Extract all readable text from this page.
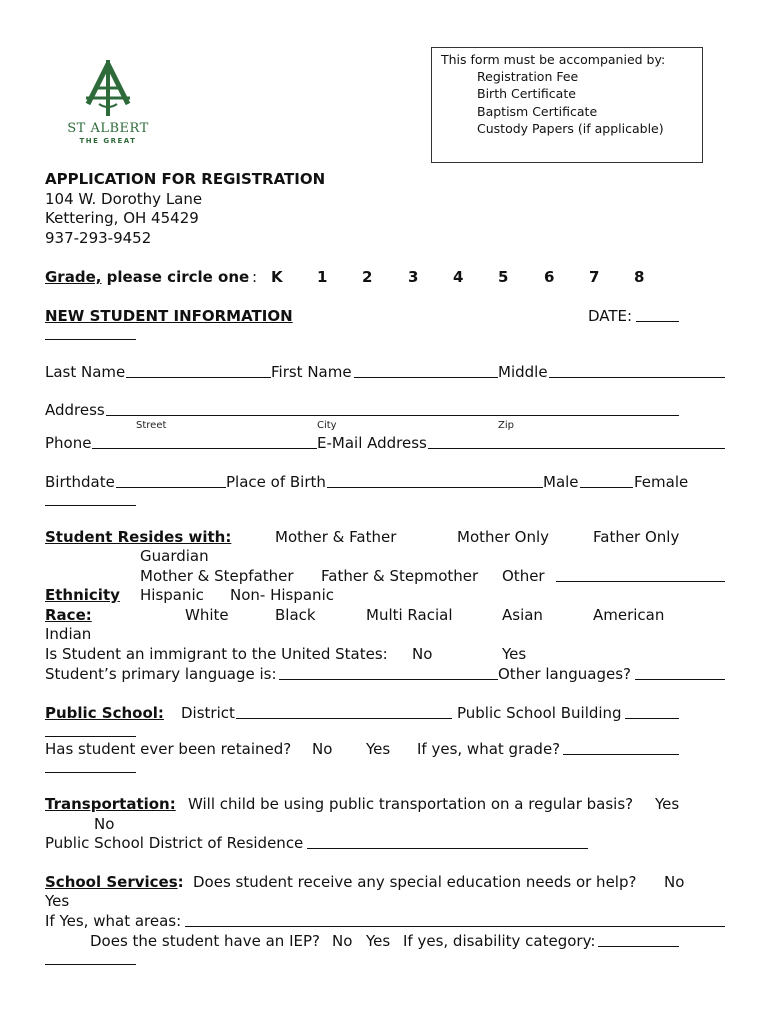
ST ALBERT
THE GREAT
This form must be accompanied by:
Registration Fee
Birth Certificate
Baptism Certificate
Custody Papers (if applicable)
APPLICATION FOR REGISTRATION
104 W. Dorothy Lane
Kettering, OH 45429
937-293-9452
Grade, please circle one : K 1 2 3 4 5 6 7 8
NEW STUDENT INFORMATION	DATE:
Last Name	First Name	Middle
Address
Street	City	Zip
Phone	E-Mail Address
Birthdate	Place of Birth	Male	Female
Student Resides with:	Mother & Father	Mother Only	Father Only
Guardian
Mother & Stepfather Father & Stepmother Other
Ethnicity Hispanic Non- Hispanic
Race:	White	Black	Multi Racial	Asian	American
Indian
Is Student an immigrant to the United States: No	Yes
Student’s primary language is:	Other languages?
Public School: District	Public School Building
Has student ever been retained? No Yes If yes, what grade?
Transportation: Will child be using public transportation on a regular basis? Yes
No
Public School District of Residence
School Services: Does student receive any special education needs or help? No
Yes
If Yes, what areas:
Does the student have an IEP? No Yes If yes, disability category:
